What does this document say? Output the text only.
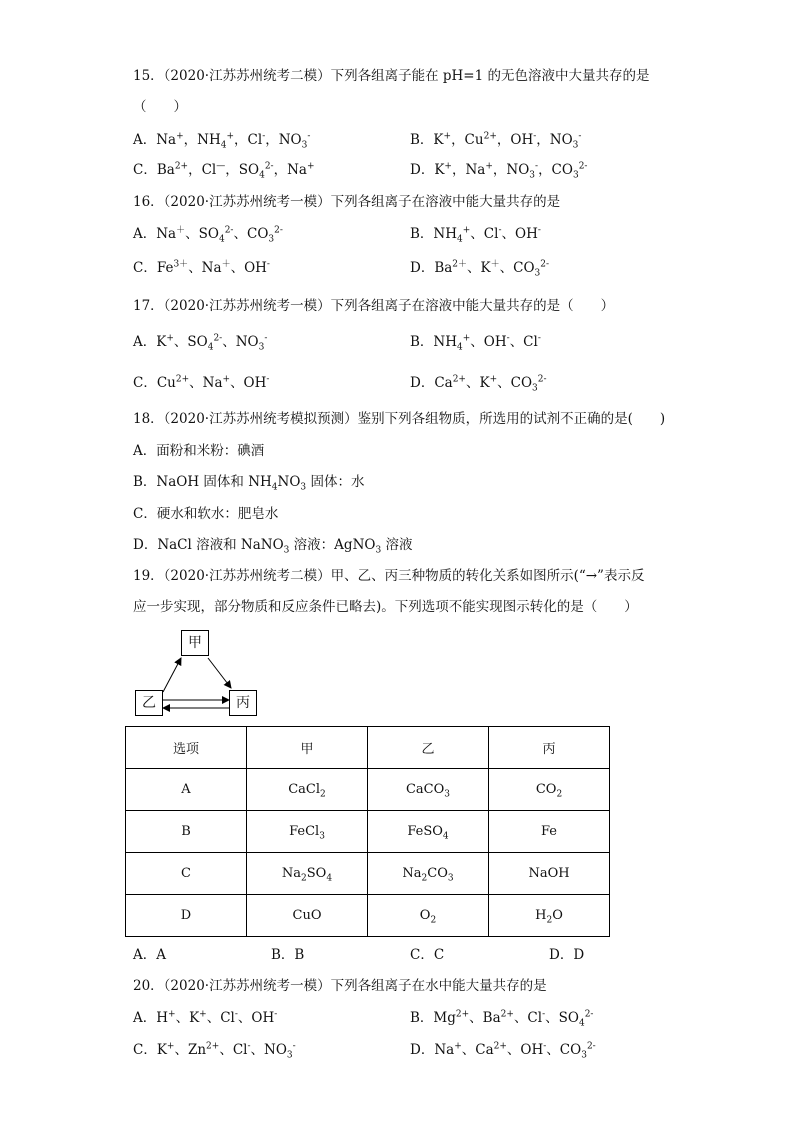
15．（2020·江苏苏州统考二模）下列各组离子能在 pH=1 的无色溶液中大量共存的是
（　　）
A．Na+，$NH_4^+$，Cl-，$NO_3^-$	B．K+，$Cu^{2+}$，OH-，$NO_3^-$
C．$Ba^{2+}$，Cl—，$SO_4^{2-}$，Na+	D．K+，Na+，$NO_3^-$，$CO_3^{2-}$
16．（2020·江苏苏州统考一模）下列各组离子在溶液中能大量共存的是
A．Na＋、$SO_4^{2-}$、$CO_3^{2-}$	B．$NH_4^+$、Cl-、OH-
C．$Fe^{3+}$、Na＋、OH-	D．$Ba^{2+}$、K＋、$CO_3^{2-}$
17．（2020·江苏苏州统考一模）下列各组离子在溶液中能大量共存的是（　　）
A．K+、$SO_4^{2-}$、$NO_3^-$	B．$NH_4^+$、OH-、Cl-
C．$Cu^{2+}$、Na+、OH-	D．$Ca^{2+}$、K+、$CO_3^{2-}$
18．（2020·江苏苏州统考模拟预测）鉴别下列各组物质，所选用的试剂不正确的是(　　)
A．面粉和米粉：碘酒
B．NaOH 固体和 $NH_4NO_3$ 固体：水
C．硬水和软水：肥皂水
D．NaCl 溶液和 NaNO$_3$ 溶液：AgNO$_3$ 溶液
19．（2020·江苏苏州统考二模）甲、乙、丙三种物质的转化关系如图所示(“→”表示反
应一步实现，部分物质和反应条件已略去)。下列选项不能实现图示转化的是（　　）
甲
乙	丙
选项	甲	乙	丙
A	CaCl$_2$	CaCO$_3$	$CO_2$
B	FeCl$_3$	FeSO$_4$	Fe
C	$Na_2SO_4$	$Na_2CO_3$	NaOH
D	CuO	$O_2$	$H_2O$
A．A	B．B	C．C	D．D
20．（2020·江苏苏州统考一模）下列各组离子在水中能大量共存的是
A．H+、K+、Cl-、OH-	B．$Mg^{2+}$、$Ba^{2+}$、Cl-、$SO_4^{2-}$
C．K+、$Zn^{2+}$、Cl-、$NO_3^-$	D．Na+、$Ca^{2+}$、OH-、$CO_3^{2-}$
